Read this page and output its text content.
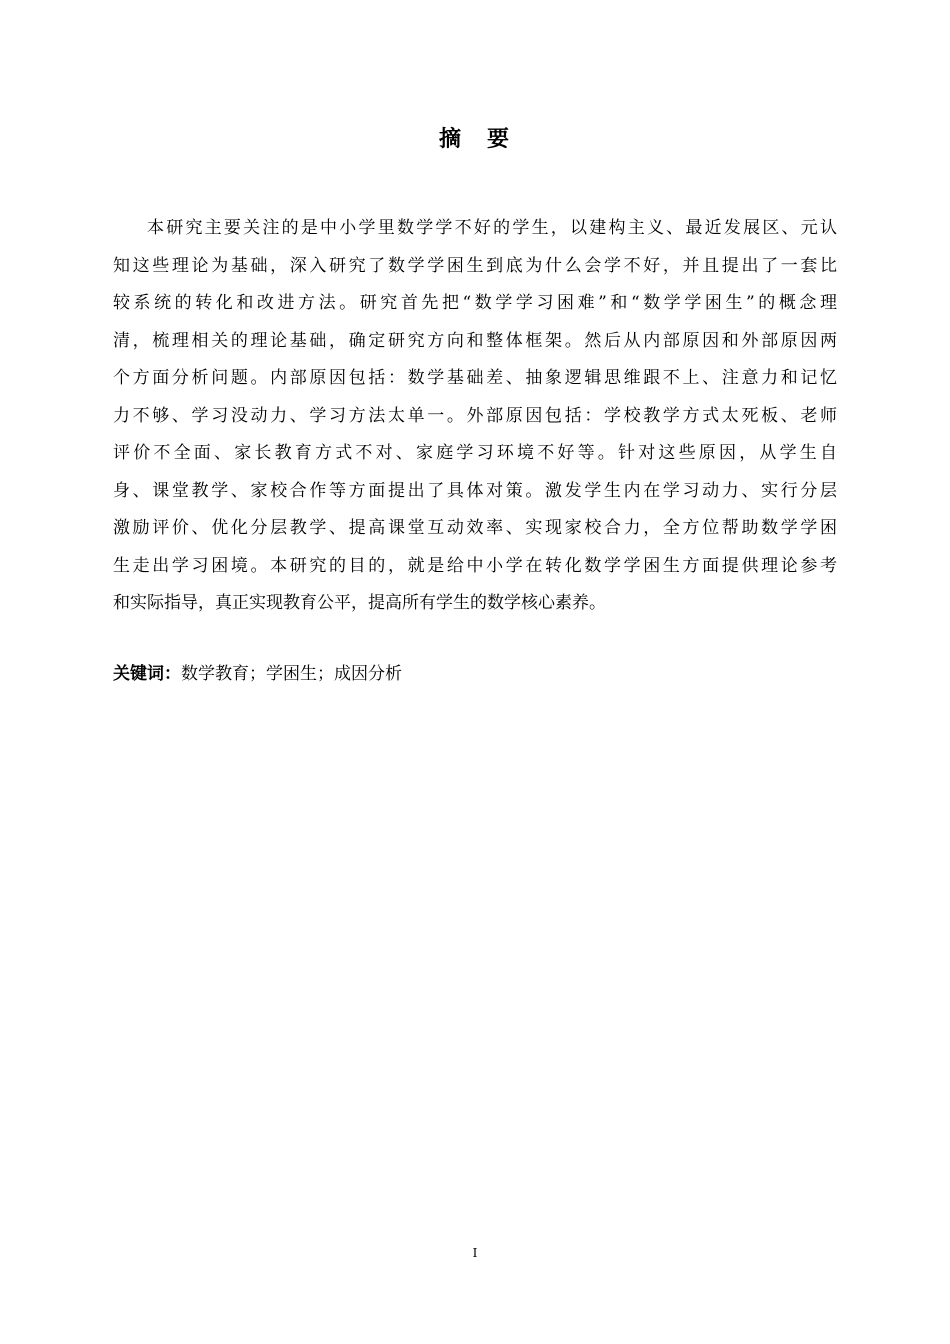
摘 要
本研究主要关注的是中小学里数学学不好的学生，以建构主义、最近发展区、元认
知这些理论为基础，深入研究了数学学困生到底为什么会学不好，并且提出了一套比
较系统的转化和改进方法。研究首先把“数学学习困难”和“数学学困生”的概念理
清，梳理相关的理论基础，确定研究方向和整体框架。然后从内部原因和外部原因两
个方面分析问题。内部原因包括：数学基础差、抽象逻辑思维跟不上、注意力和记忆
力不够、学习没动力、学习方法太单一。外部原因包括：学校教学方式太死板、老师
评价不全面、家长教育方式不对、家庭学习环境不好等。针对这些原因，从学生自
身、课堂教学、家校合作等方面提出了具体对策。激发学生内在学习动力、实行分层
激励评价、优化分层教学、提高课堂互动效率、实现家校合力，全方位帮助数学学困
生走出学习困境。本研究的目的，就是给中小学在转化数学学困生方面提供理论参考
和实际指导，真正实现教育公平，提高所有学生的数学核心素养。
关键词：数学教育；学困生；成因分析
I
